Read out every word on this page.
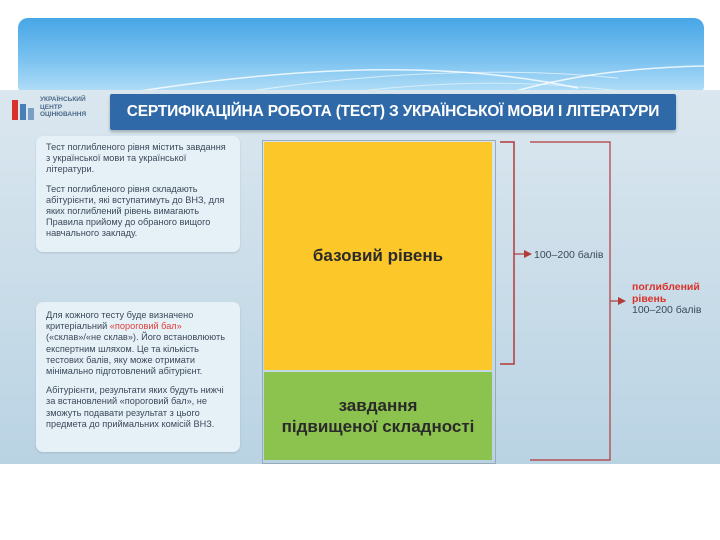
УКРАЇНСЬКИЙ
ЦЕНТР
ОЦІНЮВАННЯ	СЕРТИФІКАЦІЙНА РОБОТА (ТЕСТ) З УКРАЇНСЬКОЇ МОВИ І ЛІТЕРАТУРИ

Тест поглибленого рівня містить завдання з української мови та української літератури.

Тест поглибленого рівня складають абітурієнти, які вступатимуть до ВНЗ, для яких поглиблений рівень вимагають Правила прийому до обраного вищого навчального закладу.

Для кожного тесту буде визначено критеріальний «пороговий бал» («склав»/«не склав»). Його встановлюють експертним шляхом. Це та кількість тестових балів, яку може отримати мінімально підготовлений абітурієнт.

Абітурієнти, результати яких будуть нижчі за встановлений «пороговий бал», не зможуть подавати результат з цього предмета до приймальних комісій ВНЗ.

базовий рівень
завдання
підвищеної складності
100–200 балів
поглиблений
рівень
100–200 балів
